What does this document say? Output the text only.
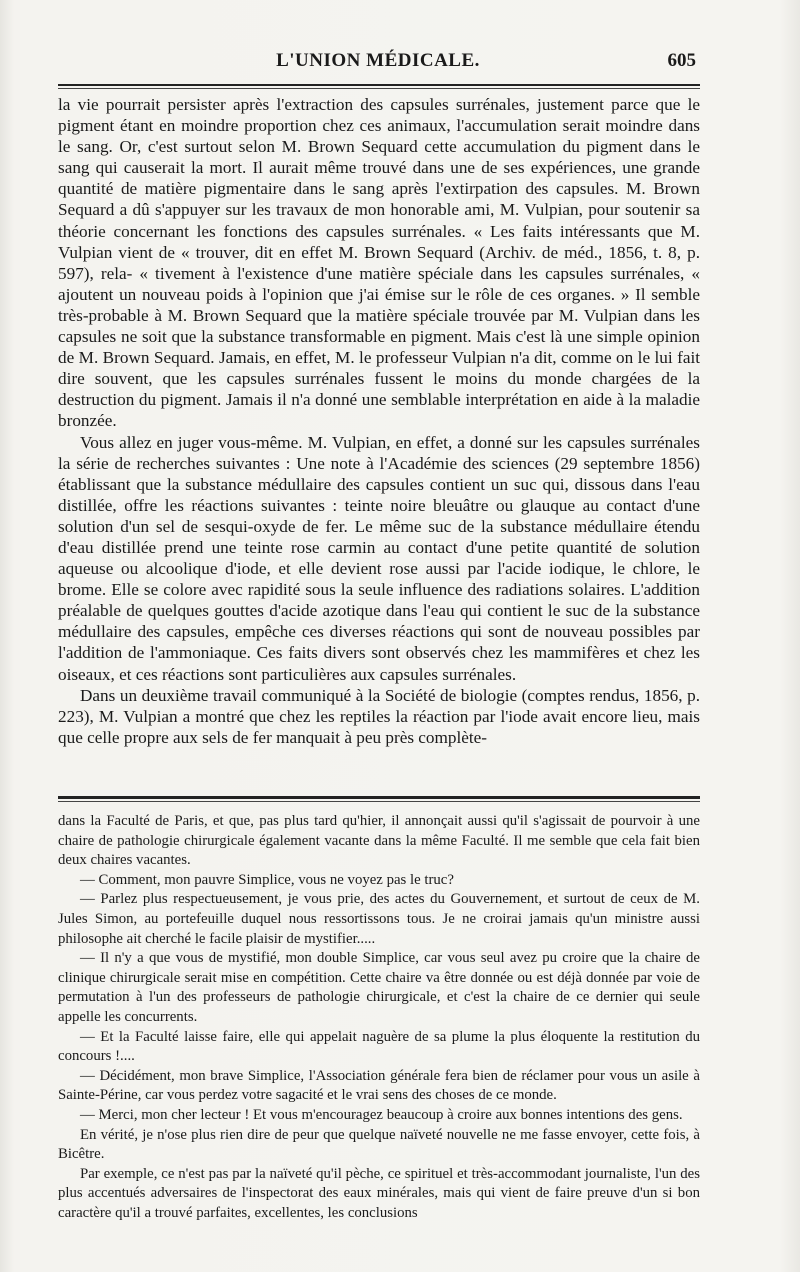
L'UNION MÉDICALE.	605

la vie pourrait persister après l'extraction des capsules surrénales, justement parce que le pigment étant en moindre proportion chez ces animaux, l'accumulation serait moindre dans le sang. Or, c'est surtout selon M. Brown Sequard cette accumulation du pigment dans le sang qui causerait la mort. Il aurait même trouvé dans une de ses expériences, une grande quantité de matière pigmentaire dans le sang après l'extirpation des capsules. M. Brown Sequard a dû s'appuyer sur les travaux de mon honorable ami, M. Vulpian, pour soutenir sa théorie concernant les fonctions des capsules surrénales. « Les faits intéressants que M. Vulpian vient de « trouver, dit en effet M. Brown Sequard (Archiv. de méd., 1856, t. 8, p. 597), rela- « tivement à l'existence d'une matière spéciale dans les capsules surrénales, « ajoutent un nouveau poids à l'opinion que j'ai émise sur le rôle de ces organes. » Il semble très-probable à M. Brown Sequard que la matière spéciale trouvée par M. Vulpian dans les capsules ne soit que la substance transformable en pigment. Mais c'est là une simple opinion de M. Brown Sequard. Jamais, en effet, M. le professeur Vulpian n'a dit, comme on le lui fait dire souvent, que les capsules surrénales fussent le moins du monde chargées de la destruction du pigment. Jamais il n'a donné une semblable interprétation en aide à la maladie bronzée.

Vous allez en juger vous-même. M. Vulpian, en effet, a donné sur les capsules surrénales la série de recherches suivantes : Une note à l'Académie des sciences (29 septembre 1856) établissant que la substance médullaire des capsules contient un suc qui, dissous dans l'eau distillée, offre les réactions suivantes : teinte noire bleuâtre ou glauque au contact d'une solution d'un sel de sesqui-oxyde de fer. Le même suc de la substance médullaire étendu d'eau distillée prend une teinte rose carmin au contact d'une petite quantité de solution aqueuse ou alcoolique d'iode, et elle devient rose aussi par l'acide iodique, le chlore, le brome. Elle se colore avec rapidité sous la seule influence des radiations solaires. L'addition préalable de quelques gouttes d'acide azotique dans l'eau qui contient le suc de la substance médullaire des capsules, empêche ces diverses réactions qui sont de nouveau possibles par l'addition de l'ammoniaque. Ces faits divers sont observés chez les mammifères et chez les oiseaux, et ces réactions sont particulières aux capsules surrénales.

Dans un deuxième travail communiqué à la Société de biologie (comptes rendus, 1856, p. 223), M. Vulpian a montré que chez les reptiles la réaction par l'iode avait encore lieu, mais que celle propre aux sels de fer manquait à peu près complète-

dans la Faculté de Paris, et que, pas plus tard qu'hier, il annonçait aussi qu'il s'agissait de pourvoir à une chaire de pathologie chirurgicale également vacante dans la même Faculté. Il me semble que cela fait bien deux chaires vacantes.

— Comment, mon pauvre Simplice, vous ne voyez pas le truc?

— Parlez plus respectueusement, je vous prie, des actes du Gouvernement, et surtout de ceux de M. Jules Simon, au portefeuille duquel nous ressortissons tous. Je ne croirai jamais qu'un ministre aussi philosophe ait cherché le facile plaisir de mystifier.....

— Il n'y a que vous de mystifié, mon double Simplice, car vous seul avez pu croire que la chaire de clinique chirurgicale serait mise en compétition. Cette chaire va être donnée ou est déjà donnée par voie de permutation à l'un des professeurs de pathologie chirurgicale, et c'est la chaire de ce dernier qui seule appelle les concurrents.

— Et la Faculté laisse faire, elle qui appelait naguère de sa plume la plus éloquente la restitution du concours !....

— Décidément, mon brave Simplice, l'Association générale fera bien de réclamer pour vous un asile à Sainte-Périne, car vous perdez votre sagacité et le vrai sens des choses de ce monde.

— Merci, mon cher lecteur ! Et vous m'encouragez beaucoup à croire aux bonnes intentions des gens.

En vérité, je n'ose plus rien dire de peur que quelque naïveté nouvelle ne me fasse envoyer, cette fois, à Bicêtre.

Par exemple, ce n'est pas par la naïveté qu'il pèche, ce spirituel et très-accommodant journaliste, l'un des plus accentués adversaires de l'inspectorat des eaux minérales, mais qui vient de faire preuve d'un si bon caractère qu'il a trouvé parfaites, excellentes, les conclusions
